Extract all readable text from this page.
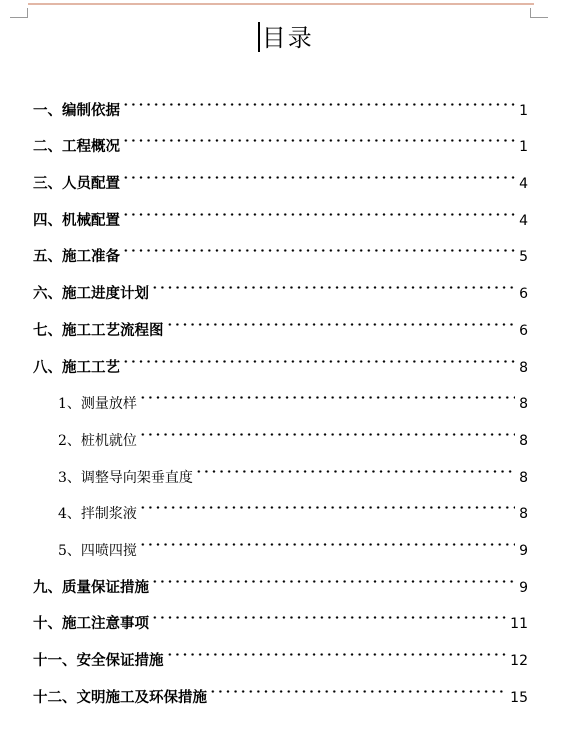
目录
一、编制依据	1
二、工程概况	1
三、人员配置	4
四、机械配置	4
五、施工准备	5
六、施工进度计划	6
七、施工工艺流程图	6
八、施工工艺	8
1、测量放样	8
2、桩机就位	8
3、调整导向架垂直度	8
4、拌制浆液	8
5、四喷四搅	9
九、质量保证措施	9
十、施工注意事项	11
十一、安全保证措施	12
十二、文明施工及环保措施	15
